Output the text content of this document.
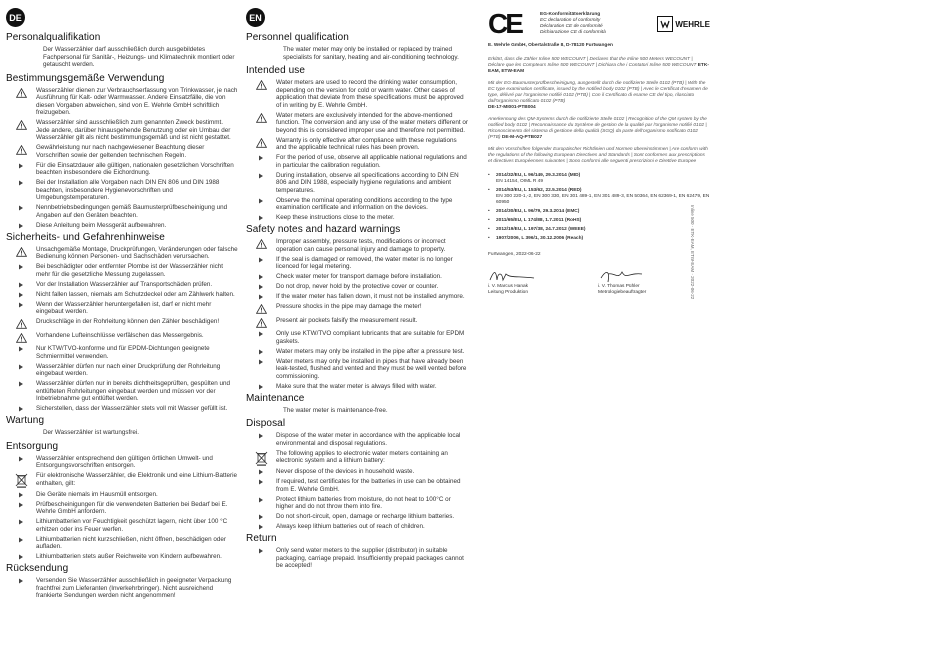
DE
Personalqualifikation

Der Wasserzähler darf ausschließlich durch ausgebildetes Fachpersonal für Sanitär-, Heizungs- und Klimatechnik montiert oder getauscht werden.

Bestimmungsgemäße Verwendung
Wasserzähler dienen zur Verbrauchserfassung von Trinkwasser, je nach Ausführung für Kalt- oder Warmwasser. Andere Einsatzfälle, die von diesen Vorgaben abweichen, sind von E. Wehrle GmbH schriftlich freizugeben.
Wasserzähler sind ausschließlich zum genannten Zweck bestimmt. Jede andere, darüber hinausgehende Benutzung oder ein Umbau der Wasserzähler gilt als nicht bestimmungsgemäß und ist nicht gestattet.
Gewährleistung nur nach nachgewiesener Beachtung dieser Vorschriften sowie der geltenden technischen Regeln.
Für die Einsatzdauer alle gültigen, nationalen gesetzlichen Vorschriften beachten insbesondere die Eichordnung.
Bei der Installation alle Vorgaben nach DIN EN 806 und DIN 1988 beachten, insbesondere Hygienevorschriften und Umgebungstemperaturen.
Nennbetriebsbedingungen gemäß Baumusterprüfbescheinigung und Angaben auf den Geräten beachten.
Diese Anleitung beim Messgerät aufbewahren.
Sicherheits- und Gefahrenhinweise
Unsachgemäße Montage, Druckprüfungen, Veränderungen oder falsche Bedienung können Personen- und Sachschäden verursachen.
Bei beschädigter oder entfernter Plombe ist der Wasserzähler nicht mehr für die gesetzliche Messung zugelassen.
Vor der Installation Wasserzähler auf Transportschäden prüfen.
Nicht fallen lassen, niemals am Schutzdeckel oder am Zählwerk halten.
Wenn der Wasserzähler heruntergefallen ist, darf er nicht mehr eingebaut werden.
Druckschläge in der Rohrleitung können den Zähler beschädigen!
Vorhandene Lufteinschlüsse verfälschen das Messergebnis.
Nur KTW/TVO-konforme und für EPDM-Dichtungen geeignete Schmiermittel verwenden.
Wasserzähler dürfen nur nach einer Druckprüfung der Rohrleitung eingebaut werden.
Wasserzähler dürfen nur in bereits dichtheitsgeprüften, gespülten und entlüfteten Rohrleitungen eingebaut werden und müssen vor der Inbetriebnahme gut entlüftet werden.
Sicherstellen, dass der Wasserzähler stets voll mit Wasser gefüllt ist.
Wartung

Der Wasserzähler ist wartungsfrei.

Entsorgung
Wasserzähler entsprechend den gültigen örtlichen Umwelt- und Entsorgungsvorschriften entsorgen.
Für elektronische Wasserzähler, die Elektronik und eine Lithium-Batterie enthalten, gilt:
Die Geräte niemals im Hausmüll entsorgen.
Prüfbescheinigungen für die verwendeten Batterien bei Bedarf bei E. Wehrle GmbH anfordern.
Lithiumbatterien vor Feuchtigkeit geschützt lagern, nicht über 100 °C erhitzen oder ins Feuer werfen.
Lithiumbatterien nicht kurzschließen, nicht öffnen, beschädigen oder aufladen.
Lithiumbatterien stets außer Reichweite von Kindern aufbewahren.
Rücksendung
Versenden Sie Wasserzähler ausschließlich in geeigneter Verpackung frachtfrei zum Lieferanten (Inverkehrbringer). Nicht ausreichend frankierte Sendungen werden nicht angenommen!
EN
Personnel qualification

The water meter may only be installed or replaced by trained specialists for sanitary, heating and air-conditioning technology.

Intended use
Water meters are used to record the drinking water consumption, depending on the version for cold or warm water. Other cases of application that deviate from these specifications must be approved of in writing by E. Wehrle GmbH.
Water meters are exclusively intended for the above-mentioned function. The conversion and any use of the water meters different or beyond this is considered improper use and therefore not permitted.
Warranty is only effective after compliance with these regulations and the applicable technical rules has been proven.
For the period of use, observe all applicable national regulations and in particular the calibration regulation.
During installation, observe all specifications according to DIN EN 806 and DIN 1988, especially hygiene regulations and ambient temperatures.
Observe the nominal operating conditions according to the type examination certificate and information on the devices.
Keep these instructions close to the meter.
Safety notes and hazard warnings
Improper assembly, pressure tests, modifications or incorrect operation can cause personal injury and damage to property.
If the seal is damaged or removed, the water meter is no longer licenced for legal metering.
Check water meter for transport damage before installation.
Do not drop, never hold by the protective cover or counter.
If the water meter has fallen down, it must not be installed anymore.
Pressure shocks in the pipe may damage the meter!
Present air pockets falsify the measurement result.
Only use KTW/TVO compliant lubricants that are suitable for EPDM gaskets.
Water meters may only be installed in the pipe after a pressure test.
Water meters may only be installed in pipes that have already been leak-tested, flushed and vented and they must be well vented before commissioning.
Make sure that the water meter is always filled with water.
Maintenance

The water meter is maintenance-free.

Disposal
Dispose of the water meter in accordance with the applicable local environmental and disposal regulations.
The following applies to electronic water meters containing an electronic system and a lithium battery:
Never dispose of the devices in household waste.
If required, test certificates for the batteries in use can be obtained from E. Wehrle GmbH.
Protect lithium batteries from moisture, do not heat to 100°C or higher and do not throw them into fire.
Do not short-circuit, open, damage or recharge lithium batteries.
Always keep lithium batteries out of reach of children.
Return
Only send water meters to the supplier (distributor) in suitable packaging, carriage prepaid. Insufficiently prepaid packages cannot be accepted!
CE	EG-Konformitätserklärung
EC declaration of conformity
Déclaration CE de conformité
Dichiarazione CE di conformità
WEHRLE
E. Wehrle GmbH, Obertalstraße 8, D-78120 Furtwangen
Erklärt, dass die Zähler Inline 500 WECOUNT | Declares that the Inline 500 Meters WECOUNT | Déclare que les Compteurs Inline 500 WECOUNT | Dichiara che i Contatori Inline 500 WECOUNT ETK-EAM, ETW-EAM
Mit der EG-Baumusterprüfbescheinigung, ausgestellt durch die notifizierte Stelle 0102 (PTB) | With the EC type examination certificate, issued by the notified body 0102 (PTB) | Avec le Certificat d'examen de type, délivré par l'organisme notifié 0102 (PTB) | Con il Certificato di esame CE del tipo, rilasciato dall'organismo notificato 0102 (PTB)
DE-17-MI001-PTB004
Anerkennung des QM-Systems durch die notifizierte Stelle 0102 | Recognition of the QM system by the notified body 0102 | Reconnaissance du Système de gestion de la qualité par l'organisme notifié 0102 | Riconoscimento del sistema di gestione della qualità (SGQ) da parte dell'organismo notificato 0102 (PTB) DE-M-AQ-PTB027
Mit den Vorschriften folgender Europäischer Richtlinien und Normen übereinstimmen | Are conform with the regulations of the following European Directives and Standards | Sont conformes aux prescriptions et directives Européennes suivantes | Sono conformi alle seguenti prescrizioni e Direttive Europee
•	2014/32/EU, L 96/149, 29.3.2014 (MID)
EN 14154, OIML R 49
•	2014/53/EU, L 153/62, 22.5.2014 (RED)
EN 300 220-1,-2, EN 300 330, EN 301 489-1, EN 301 489-3, EN 50364, EN 62369-1, EN 62479, EN 60950
•	2014/30/EU, L 96/79, 29.3.2014 (EMC)
•	2011/65/EU, L 174/88, 1.7.2011 (RoHS)
•	2012/19/EU, L 197/38, 24.7.2012 (WEEE)
•	1907/2006, L 396/1, 30.12.2006 (Reach)
Furtwangen, 2022-06-22
i. V. Marcus Hanak
Leitung Produktion
i. V. Thomas Pühler
Metrologiebeauftragter	Inline 500 · ETK-EAM, ETW-EAM · 2022-06-22
